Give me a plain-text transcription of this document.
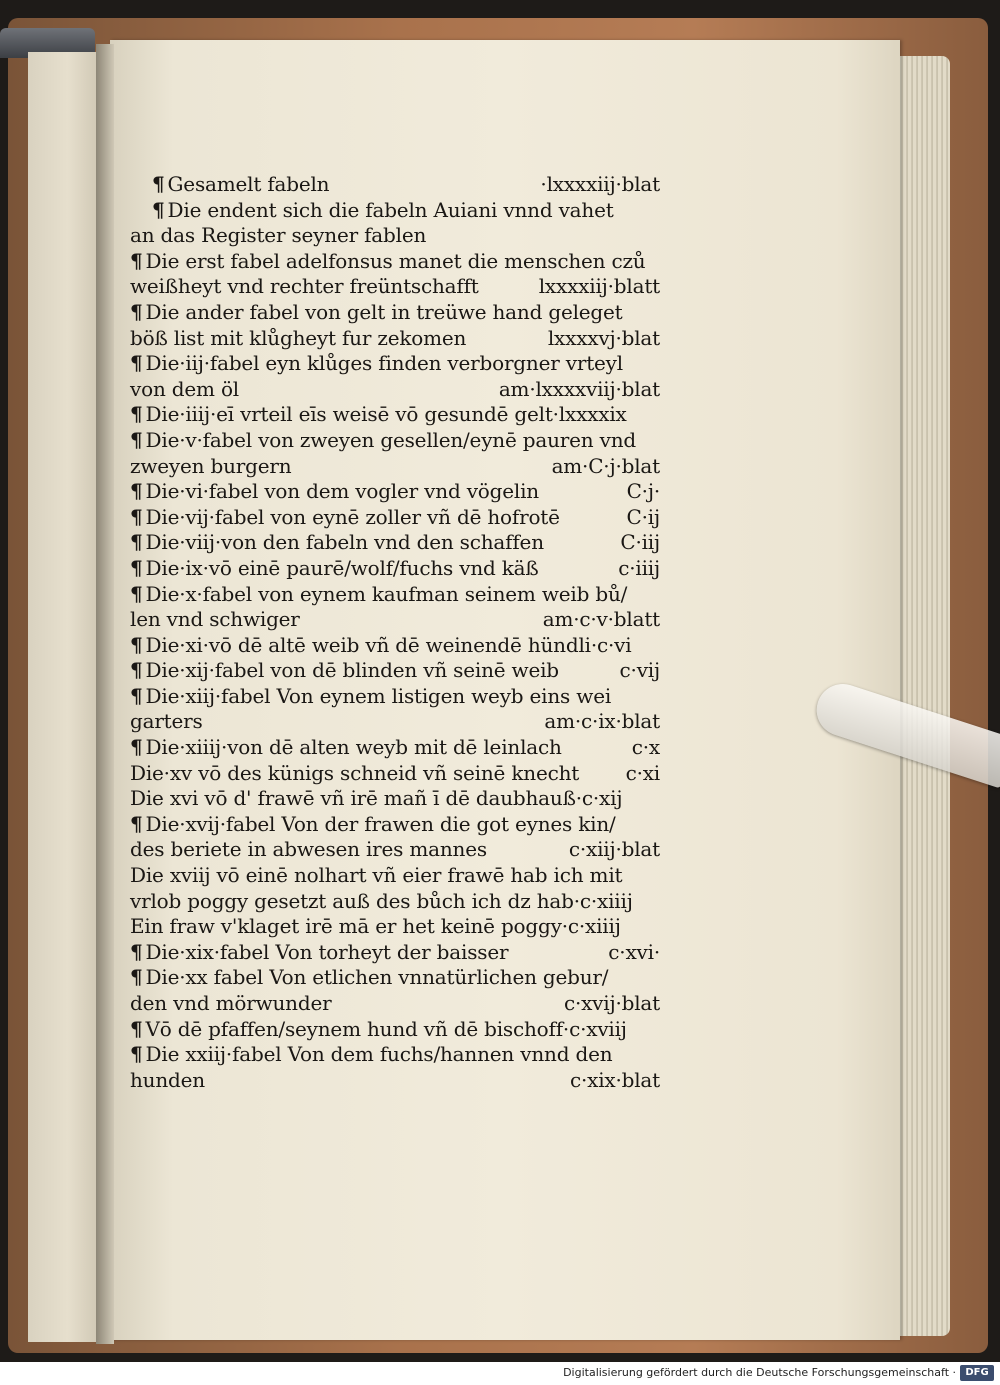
¶ Gesamelt fabeln	·lxxxxiij·blat
¶ Die endent sich die fabeln Auiani vnnd vahet
an das Register seyner fablen
¶ Die erst fabel adelfonsus manet die menschen czů
weißheyt vnd rechter freüntschafft	lxxxxiij·blatt
¶ Die ander fabel von gelt in treüwe hand geleget
böß list mit klůgheyt fur zekomen	lxxxxvj·blat
¶ Die·iij·fabel eyn klůges finden verborgner vrteyl
von dem öl	am·lxxxxviij·blat
¶ Die·iiij·eī vrteil eīs weisē vō gesundē gelt·lxxxxix
¶ Die·v·fabel von zweyen gesellen/eynē pauren vnd
zweyen burgern	am·C·j·blat
¶ Die·vi·fabel von dem vogler vnd vögelin	C·j·
¶ Die·vij·fabel von eynē zoller vñ dē hofrotē	C·ij
¶ Die·viij·von den fabeln vnd den schaffen	C·iij
¶ Die·ix·vō einē paurē/wolf/fuchs vnd käß	c·iiij
¶ Die·x·fabel von eynem kaufman seinem weib bů/
len vnd schwiger	am·c·v·blatt
¶ Die·xi·vō dē altē weib vñ dē weinendē hündli·c·vi
¶ Die·xij·fabel von dē blinden vñ seinē weib	c·vij
¶ Die·xiij·fabel Von eynem listigen weyb eins wei
garters	am·c·ix·blat
¶ Die·xiiij·von dē alten weyb mit dē leinlach	c·x
Die·xv vō des künigs schneid vñ seinē knecht c·xi
Die xvi vō d' frawē vñ irē mañ ī dē daubhauß·c·xij
¶ Die·xvij·fabel Von der frawen die got eynes kin/
des beriete in abwesen ires mannes	c·xiij·blat
Die xviij vō einē nolhart vñ eier frawē hab ich mit
vrlob poggy gesetzt auß des bůch ich dz hab·c·xiiij
Ein fraw v'klaget irē mā er het keinē poggy·c·xiiij
¶ Die·xix·fabel Von torheyt der baisser	c·xvi·
¶ Die·xx fabel Von etlichen vnnatürlichen gebur/
den vnd mörwunder	c·xvij·blat
¶ Vō dē pfaffen/seynem hund vñ dē bischoff·c·xviij
¶ Die xxiij·fabel Von dem fuchs/hannen vnnd den
hunden	c·xix·blat
Digitalisierung gefördert durch die Deutsche Forschungsgemeinschaft · DFG
